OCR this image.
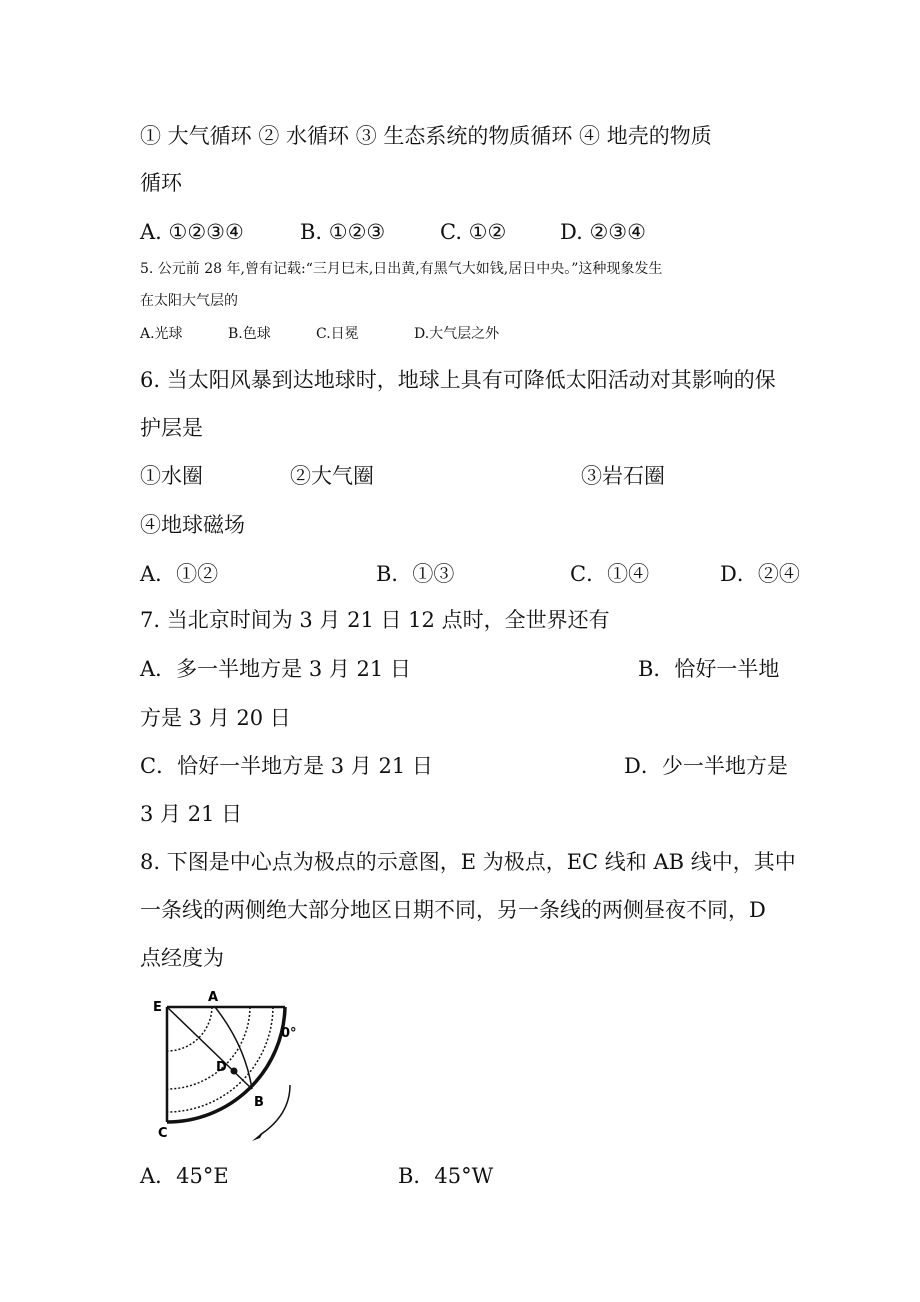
① 大气循环 ② 水循环 ③ 生态系统的物质循环 ④ 地壳的物质
循环
A. ①②③④	B. ①②③	C. ①②	D. ②③④
5. 公元前 28 年,曾有记载:“三月巳末,日出黄,有黑气大如钱,居日中央。”这种现象发生
在太阳大气层的
A.光球	B.色球	C.日冕	D.大气层之外
6. 当太阳风暴到达地球时，地球上具有可降低太阳活动对其影响的保
护层是
①水圈	②大气圈	③岩石圈
④地球磁场
A．①②	B．①③	C．①④	D．②④
7. 当北京时间为 3 月 21 日 12 点时，全世界还有
A．多一半地方是 3 月 21 日	B．恰好一半地
方是 3 月 20 日
C．恰好一半地方是 3 月 21 日	D．少一半地方是
3 月 21 日
8. 下图是中心点为极点的示意图，E 为极点，EC 线和 AB 线中，其中
一条线的两侧绝大部分地区日期不同，另一条线的两侧昼夜不同，D
点经度为
E
A
0°
D
B
C
A．45°E	B．45°W
